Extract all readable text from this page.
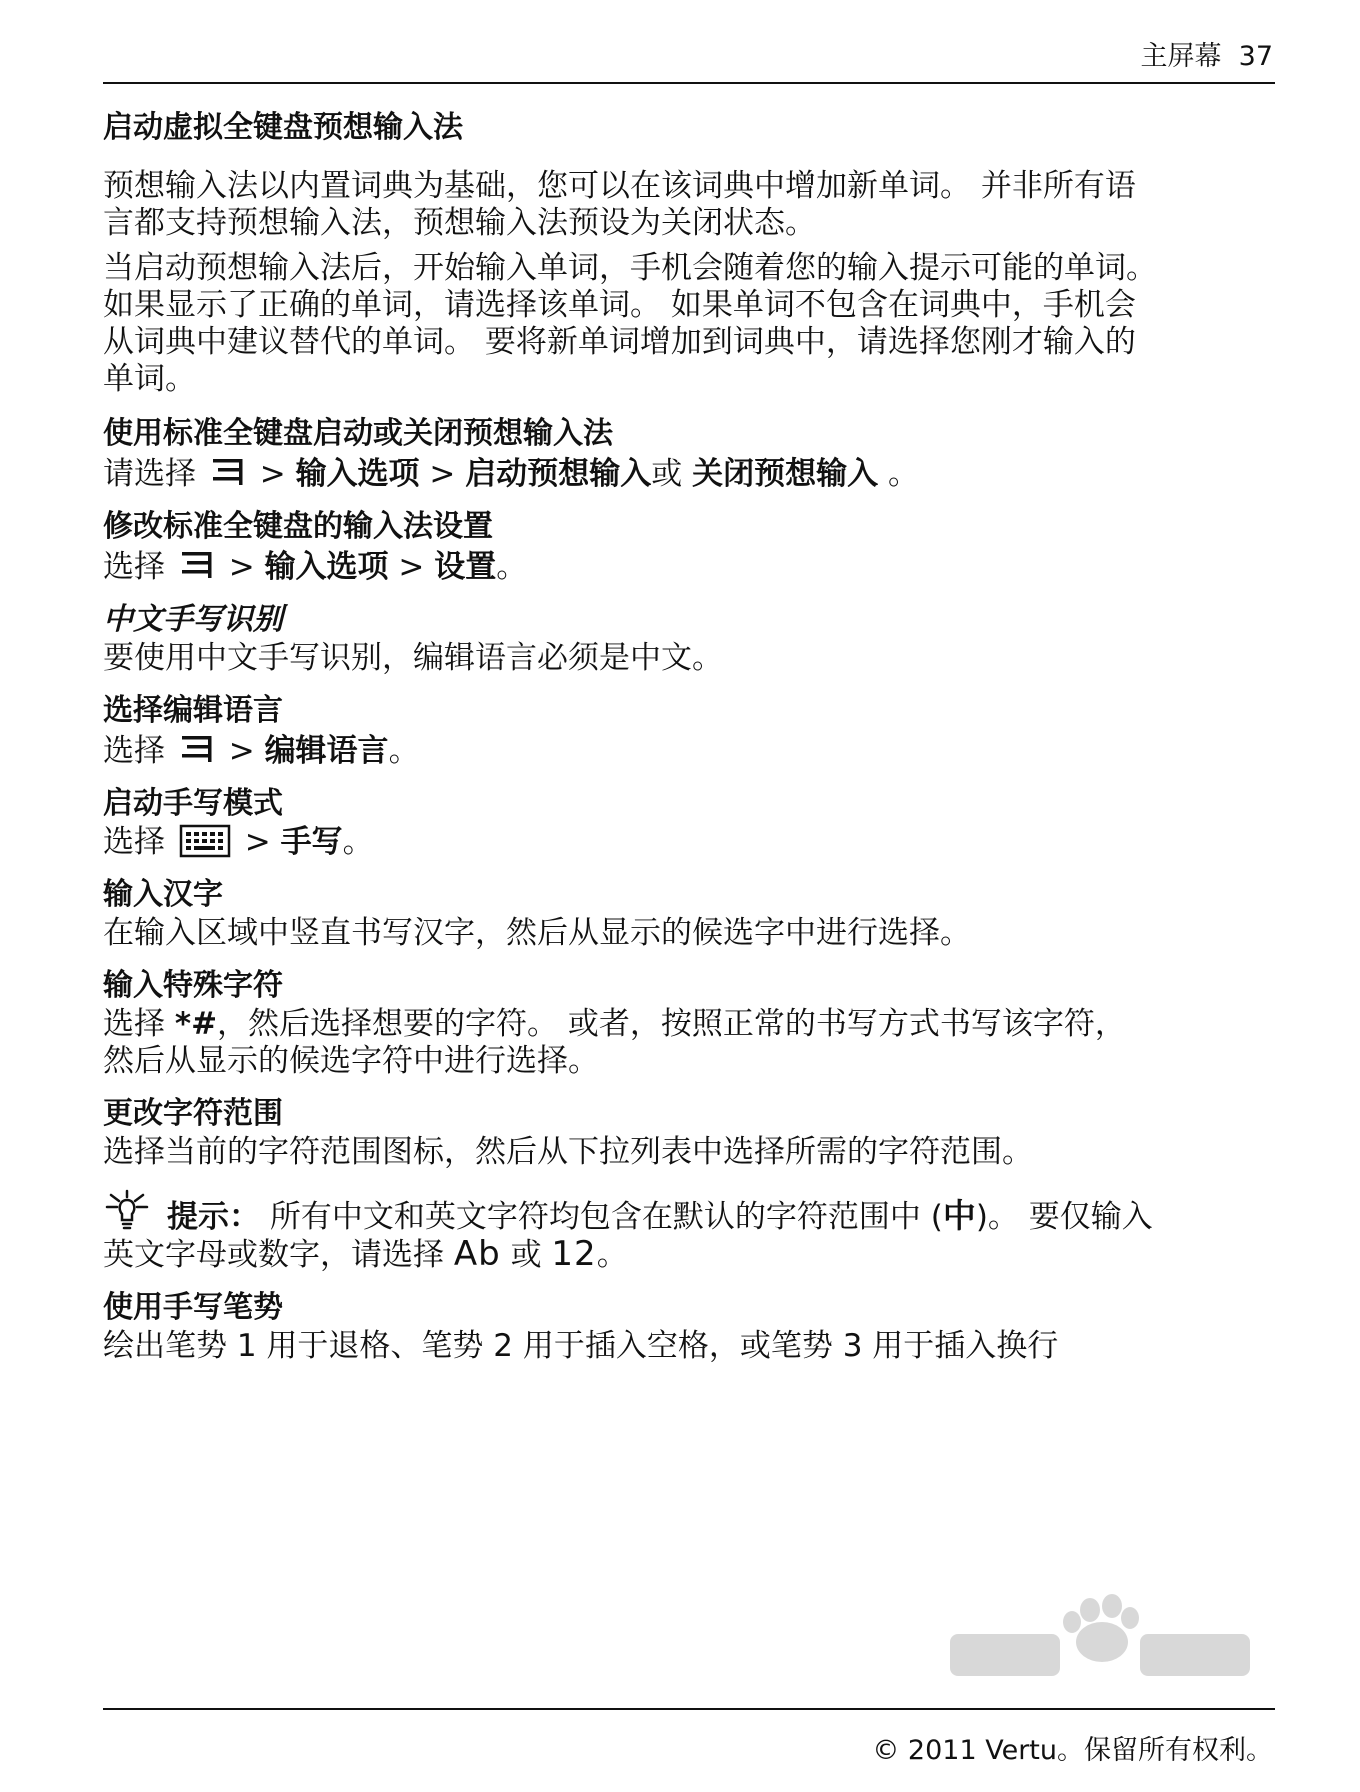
主屏幕 37
启动虚拟全键盘预想输入法
预想输入法以内置词典为基础，您可以在该词典中增加新单词。 并非所有语
言都支持预想输入法，预想输入法预设为关闭状态。
当启动预想输入法后，开始输入单词，手机会随着您的输入提示可能的单词。
如果显示了正确的单词，请选择该单词。 如果单词不包含在词典中，手机会
从词典中建议替代的单词。 要将新单词增加到词典中，请选择您刚才输入的
单词。
使用标准全键盘启动或关闭预想输入法
请选择 > 输入选项 > 启动预想输入或 关闭预想输入 。
修改标准全键盘的输入法设置
选择 > 输入选项 > 设置。
中文手写识别
要使用中文手写识别，编辑语言必须是中文。
选择编辑语言
选择 > 编辑语言。
启动手写模式
选择	> 手写。
输入汉字
在输入区域中竖直书写汉字，然后从显示的候选字中进行选择。
输入特殊字符
选择 *#，然后选择想要的字符。 或者，按照正常的书写方式书写该字符，
然后从显示的候选字符中进行选择。
更改字符范围
选择当前的字符范围图标，然后从下拉列表中选择所需的字符范围。
提示： 所有中文和英文字符均包含在默认的字符范围中 (中)。 要仅输入
英文字母或数字，请选择 Ab 或 12。
使用手写笔势
绘出笔势 1 用于退格、笔势 2 用于插入空格，或笔势 3 用于插入换行
© 2011 Vertu。保留所有权利。
